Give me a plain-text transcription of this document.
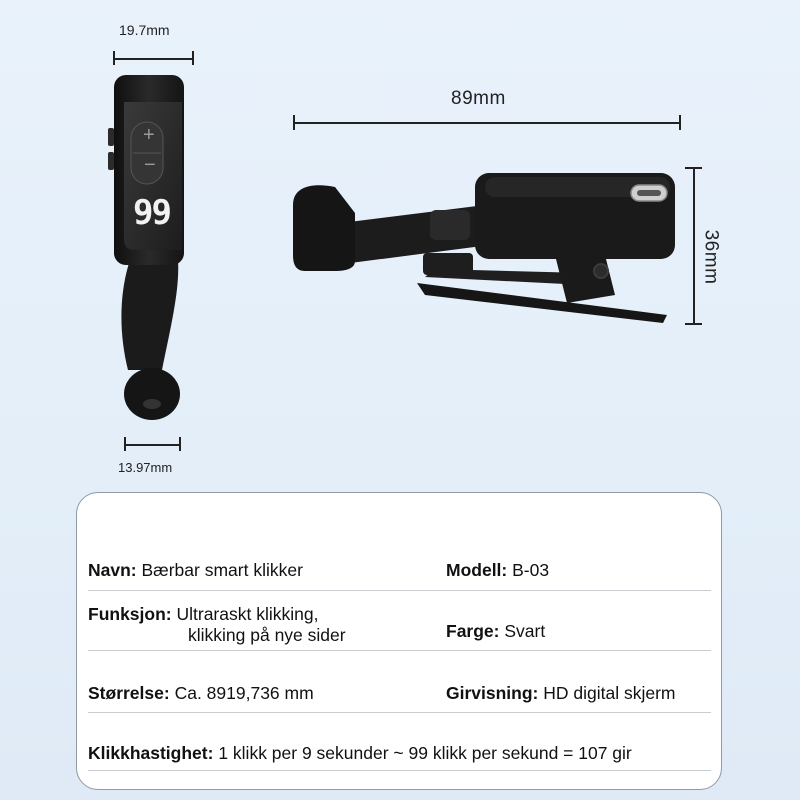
19.7mm
+
−
99
13.97mm
89mm
36mm
Navn: Bærbar smart klikker	Modell: B-03
Funksjon: Ultraraskt klikking,
klikking på nye sider	Farge: Svart
Størrelse: Ca. 8919,736 mm	Girvisning: HD digital skjerm
Klikkhastighet: 1 klikk per 9 sekunder ~ 99 klikk per sekund = 107 gir
